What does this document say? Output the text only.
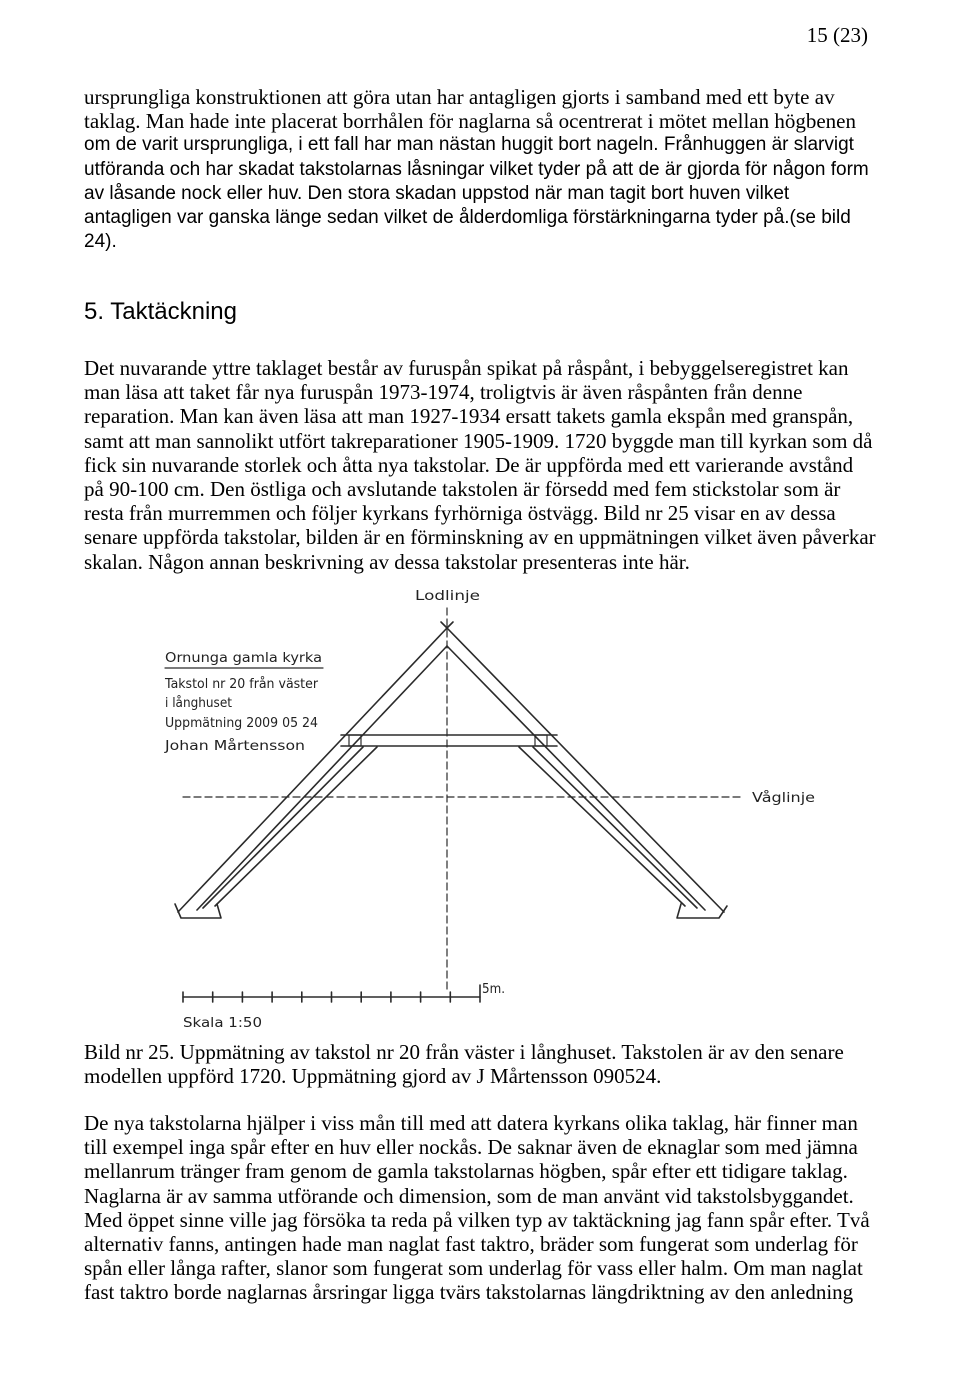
15 (23)
ursprungliga konstruktionen att göra utan har antagligen gjorts i samband med ett byte av
taklag. Man hade inte placerat borrhålen för naglarna så ocentrerat i mötet mellan högbenen
om de varit ursprungliga, i ett fall har man nästan huggit bort nageln. Frånhuggen är slarvigt
utföranda och har skadat takstolarnas låsningar vilket tyder på att de är gjorda för någon form
av låsande nock eller huv. Den stora skadan uppstod när man tagit bort huven vilket
antagligen var ganska länge sedan vilket de ålderdomliga förstärkningarna tyder på.(se bild
24).
5. Taktäckning
Det nuvarande yttre taklaget består av furuspån spikat på råspånt, i bebyggelseregistret kan
man läsa att taket får nya furuspån 1973-1974, troligtvis är även råspånten från denne
reparation. Man kan även läsa att man 1927-1934 ersatt takets gamla ekspån med granspån,
samt att man sannolikt utfört takreparationer 1905-1909. 1720 byggde man till kyrkan som då
fick sin nuvarande storlek och åtta nya takstolar. De är uppförda med ett varierande avstånd
på 90-100 cm. Den östliga och avslutande takstolen är försedd med fem stickstolar som är
resta från murremmen och följer kyrkans fyrhörniga östvägg. Bild nr 25 visar en av dessa
senare uppförda takstolar, bilden är en förminskning av en uppmätningen vilket även påverkar
skalan. Någon annan beskrivning av dessa takstolar presenteras inte här.
Lodlinje
Ornunga gamla kyrka
Takstol nr 20 från väster
i långhuset
Uppmätning 2009 05 24
Johan Mårtensson
Våglinje
5m.
Skala 1:50
Bild nr 25. Uppmätning av takstol nr 20 från väster i långhuset. Takstolen är av den senare
modellen uppförd 1720. Uppmätning gjord av J Mårtensson 090524.
De nya takstolarna hjälper i viss mån till med att datera kyrkans olika taklag, här finner man
till exempel inga spår efter en huv eller nockås. De saknar även de eknaglar som med jämna
mellanrum tränger fram genom de gamla takstolarnas högben, spår efter ett tidigare taklag.
Naglarna är av samma utförande och dimension, som de man använt vid takstolsbyggandet.
Med öppet sinne ville jag försöka ta reda på vilken typ av taktäckning jag fann spår efter. Två
alternativ fanns, antingen hade man naglat fast taktro, bräder som fungerat som underlag för
spån eller långa rafter, slanor som fungerat som underlag för vass eller halm. Om man naglat
fast taktro borde naglarnas årsringar ligga tvärs takstolarnas längdriktning av den anledning
